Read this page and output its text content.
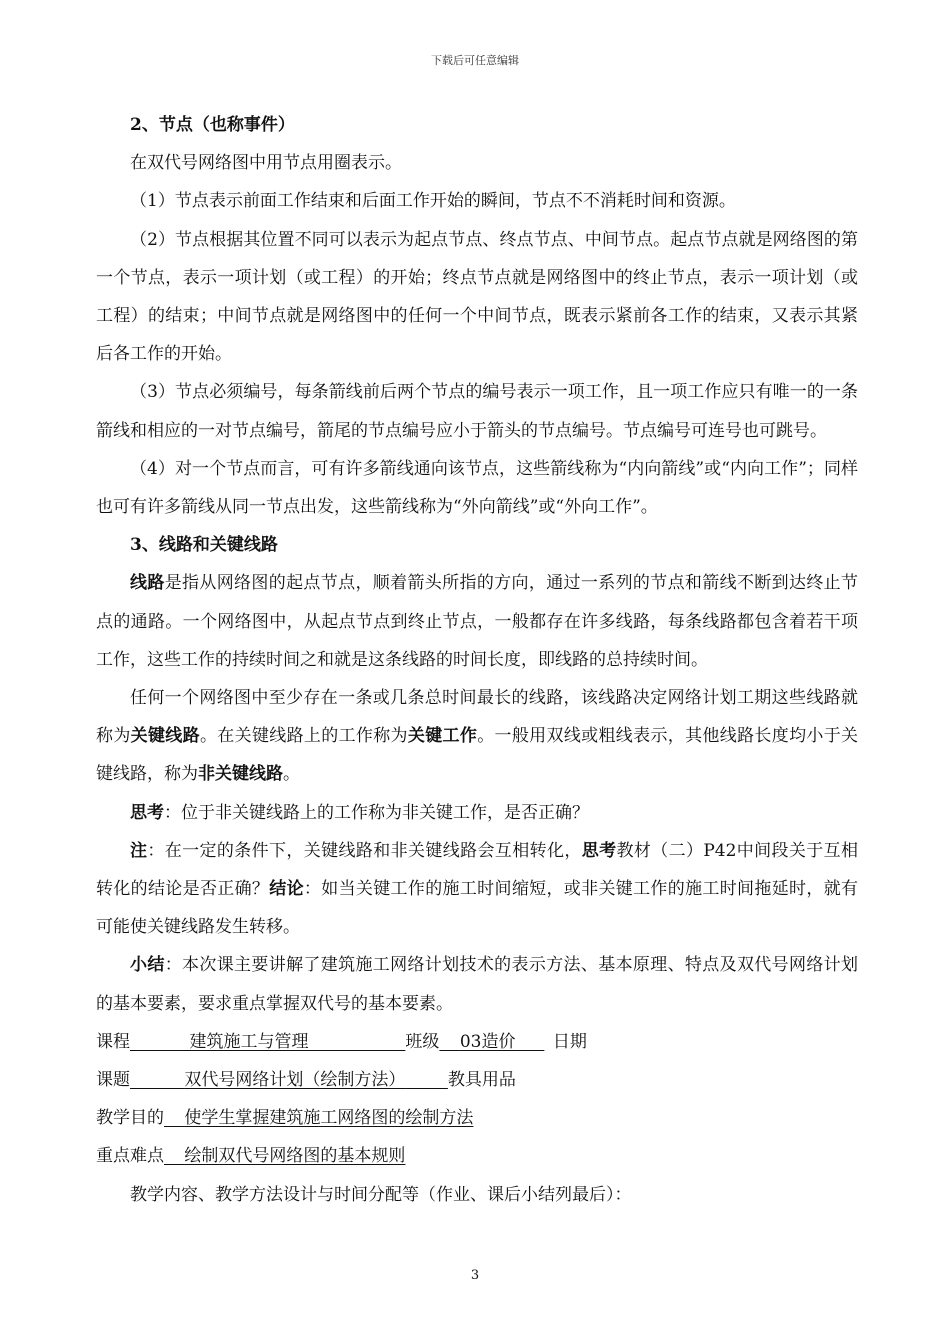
下载后可任意编辑

2、节点（也称事件）

在双代号网络图中用节点用圈表示。

（1）节点表示前面工作结束和后面工作开始的瞬间，节点不不消耗时间和资源。

（2）节点根据其位置不同可以表示为起点节点、终点节点、中间节点。起点节点就是网络图的第一个节点，表示一项计划（或工程）的开始；终点节点就是网络图中的终止节点，表示一项计划（或工程）的结束；中间节点就是网络图中的任何一个中间节点，既表示紧前各工作的结束，又表示其紧后各工作的开始。

（3）节点必须编号，每条箭线前后两个节点的编号表示一项工作，且一项工作应只有唯一的一条箭线和相应的一对节点编号，箭尾的节点编号应小于箭头的节点编号。节点编号可连号也可跳号。

（4）对一个节点而言，可有许多箭线通向该节点，这些箭线称为“内向箭线”或“内向工作”；同样也可有许多箭线从同一节点出发，这些箭线称为“外向箭线”或“外向工作”。

3、线路和关键线路

线路是指从网络图的起点节点，顺着箭头所指的方向，通过一系列的节点和箭线不断到达终止节点的通路。一个网络图中，从起点节点到终止节点，一般都存在许多线路，每条线路都包含着若干项工作，这些工作的持续时间之和就是这条线路的时间长度，即线路的总持续时间。

任何一个网络图中至少存在一条或几条总时间最长的线路，该线路决定网络计划工期这些线路就称为关键线路。在关键线路上的工作称为关键工作。一般用双线或粗线表示，其他线路长度均小于关键线路，称为非关键线路。

思考：位于非关键线路上的工作称为非关键工作，是否正确？

注：在一定的条件下，关键线路和非关键线路会互相转化，思考教材（二）P42中间段关于互相转化的结论是否正确？结论：如当关键工作的施工时间缩短，或非关键工作的施工时间拖延时，就有可能使关键线路发生转移。

小结：本次课主要讲解了建筑施工网络计划技术的表示方法、基本原理、特点及双代号网络计划的基本要素，要求重点掌握双代号的基本要素。

课程    	建筑施工与管理       	班级    03造价     日期

课题    	双代号网络计划（绘制方法）   	教具用品

教学目的   使学生掌握建筑施工网络图的绘制方法

重点难点   绘制双代号网络图的基本规则

教学内容、教学方法设计与时间分配等（作业、课后小结列最后）：

3
